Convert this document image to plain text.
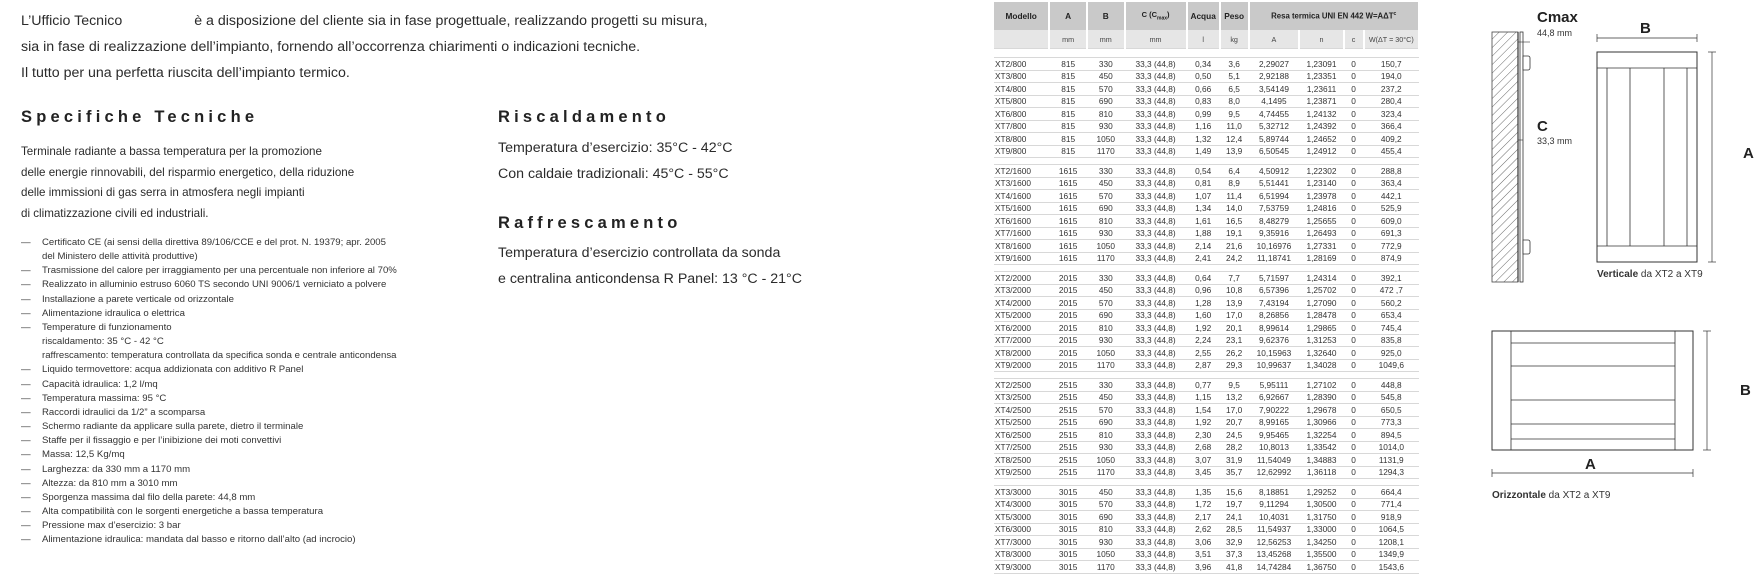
L’Ufficio Tecnico	è a disposizione del cliente sia in fase progettuale, realizzando progetti su misura,

sia in fase di realizzazione dell’impianto, fornendo all’occorrenza chiarimenti o indicazioni tecniche.

Il tutto per una perfetta riuscita dell’impianto termico.

Specifiche Tecniche
Terminale radiante a bassa temperatura per la promozione
delle energie rinnovabili, del risparmio energetico, della riduzione
delle immissioni di gas serra in atmosfera negli impianti
di climatizzazione civili ed industriali.
— Certificato CE (ai sensi della direttiva 89/106/CCE e del prot. N. 19379; apr. 2005
del Ministero delle attività produttive)
— Trasmissione del calore per irraggiamento per una percentuale non inferiore al 70%
— Realizzato in alluminio estruso 6060 TS secondo UNI 9006/1 verniciato a polvere
— Installazione a parete verticale od orizzontale
— Alimentazione idraulica o elettrica
— Temperature di funzionamento
riscaldamento: 35 °C - 42 °C
raffrescamento: temperatura controllata da specifica sonda e centrale anticondensa
— Liquido termovettore: acqua addizionata con additivo R Panel
— Capacità idraulica: 1,2 l/mq
— Temperatura massima: 95 °C
— Raccordi idraulici da 1/2” a scomparsa
— Schermo radiante da applicare sulla parete, dietro il terminale
— Staffe per il fissaggio e per l’inibizione dei moti convettivi
— Massa: 12,5 Kg/mq
— Larghezza: da 330 mm a 1170 mm
— Altezza: da 810 mm a 3010 mm
— Sporgenza massima dal filo della parete: 44,8 mm
— Alta compatibilità con le sorgenti energetiche a bassa temperatura
— Pressione max d’esercizio: 3 bar
— Alimentazione idraulica: mandata dal basso e ritorno dall’alto (ad incrocio)
Riscaldamento
Temperatura d’esercizio: 35°C - 42°C
Con caldaie tradizionali: 45°C - 55°C
Raffrescamento
Temperatura d’esercizio controllata da sonda
e centralina anticondensa R Panel: 13 °C - 21°C
Modello	A	B	C $(C_{max})$	Acqua	Peso	Resa termica UNI EN 442 $W=A\Delta T^c$
	mm	mm	mm	l	kg	A	n	c	W(ΔT = 30°C)

XT2/800	815	330	33,3 (44,8)	0,34	3,6	2,29027	1,23091	0	150,7
XT3/800	815	450	33,3 (44,8)	0,50	5,1	2,92188	1,23351	0	194,0
XT4/800	815	570	33,3 (44,8)	0,66	6,5	3,54149	1,23611	0	237,2
XT5/800	815	690	33,3 (44,8)	0,83	8,0	4,1495	1,23871	0	280,4
XT6/800	815	810	33,3 (44,8)	0,99	9,5	4,74455	1,24132	0	323,4
XT7/800	815	930	33,3 (44,8)	1,16	11,0	5,32712	1,24392	0	366,4
XT8/800	815	1050	33,3 (44,8)	1,32	12,4	5,89744	1,24652	0	409,2
XT9/800	815	1170	33,3 (44,8)	1,49	13,9	6,50545	1,24912	0	455,4

XT2/1600	1615	330	33,3 (44,8)	0,54	6,4	4,50912	1,22302	0	288,8
XT3/1600	1615	450	33,3 (44,8)	0,81	8,9	5,51441	1,23140	0	363,4
XT4/1600	1615	570	33,3 (44,8)	1,07	11,4	6,51994	1,23978	0	442,1
XT5/1600	1615	690	33,3 (44,8)	1,34	14,0	7,53759	1,24816	0	525,9
XT6/1600	1615	810	33,3 (44,8)	1,61	16,5	8,48279	1,25655	0	609,0
XT7/1600	1615	930	33,3 (44,8)	1,88	19,1	9,35916	1,26493	0	691,3
XT8/1600	1615	1050	33,3 (44,8)	2,14	21,6	10,16976	1,27331	0	772,9
XT9/1600	1615	1170	33,3 (44,8)	2,41	24,2	11,18741	1,28169	0	874,9

XT2/2000	2015	330	33,3 (44,8)	0,64	7,7	5,71597	1,24314	0	392,1
XT3/2000	2015	450	33,3 (44,8)	0,96	10,8	6,57396	1,25702	0	472 ,7
XT4/2000	2015	570	33,3 (44,8)	1,28	13,9	7,43194	1,27090	0	560,2
XT5/2000	2015	690	33,3 (44,8)	1,60	17,0	8,26856	1,28478	0	653,4
XT6/2000	2015	810	33,3 (44,8)	1,92	20,1	8,99614	1,29865	0	745,4
XT7/2000	2015	930	33,3 (44,8)	2,24	23,1	9,62376	1,31253	0	835,8
XT8/2000	2015	1050	33,3 (44,8)	2,55	26,2	10,15963	1,32640	0	925,0
XT9/2000	2015	1170	33,3 (44,8)	2,87	29,3	10,99637	1,34028	0	1049,6

XT2/2500	2515	330	33,3 (44,8)	0,77	9,5	5,95111	1,27102	0	448,8
XT3/2500	2515	450	33,3 (44,8)	1,15	13,2	6,92667	1,28390	0	545,8
XT4/2500	2515	570	33,3 (44,8)	1,54	17,0	7,90222	1,29678	0	650,5
XT5/2500	2515	690	33,3 (44,8)	1,92	20,7	8,99165	1,30966	0	773,3
XT6/2500	2515	810	33,3 (44,8)	2,30	24,5	9,95465	1,32254	0	894,5
XT7/2500	2515	930	33,3 (44,8)	2,68	28,2	10,8013	1,33542	0	1014,0
XT8/2500	2515	1050	33,3 (44,8)	3,07	31,9	11,54049	1,34883	0	1131,9
XT9/2500	2515	1170	33,3 (44,8)	3,45	35,7	12,62992	1,36118	0	1294,3

XT3/3000	3015	450	33,3 (44,8)	1,35	15,6	8,18851	1,29252	0	664,4
XT4/3000	3015	570	33,3 (44,8)	1,72	19,7	9,11294	1,30500	0	771,4
XT5/3000	3015	690	33,3 (44,8)	2,17	24,1	10,4031	1,31750	0	918,9
XT6/3000	3015	810	33,3 (44,8)	2,62	28,5	11,54937	1,33000	0	1064,5
XT7/3000	3015	930	33,3 (44,8)	3,06	32,9	12,56253	1,34250	0	1208,1
XT8/3000	3015	1050	33,3 (44,8)	3,51	37,3	13,45268	1,35500	0	1349,9
XT9/3000	3015	1170	33,3 (44,8)	3,96	41,8	14,74284	1,36750	0	1543,6
Cmax
44,8 mm
C
33,3 mm
B
A
Verticale da XT2 a XT9
A
B
Orizzontale da XT2 a XT9
